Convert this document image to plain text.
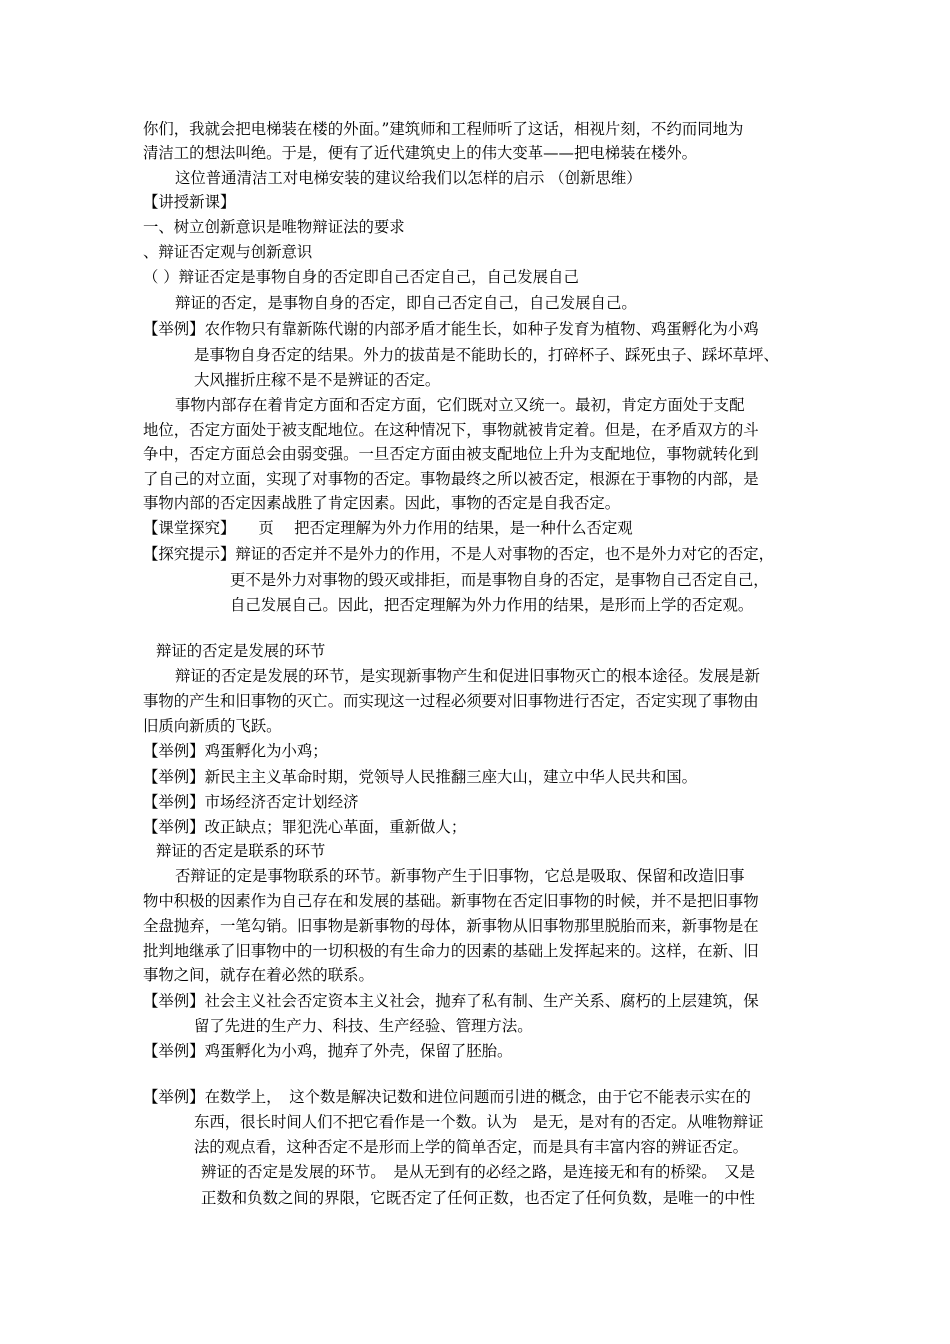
你们，我就会把电梯装在楼的外面。”建筑师和工程师听了这话，相视片刻，不约而同地为
清洁工的想法叫绝。于是，便有了近代建筑史上的伟大变革——把电梯装在楼外。
这位普通清洁工对电梯安装的建议给我们以怎样的启示 （创新思维）
【讲授新课】
一、树立创新意识是唯物辩证法的要求
、辩证否定观与创新意识
（ ）辩证否定是事物自身的否定即自己否定自己，自己发展自己
辩证的否定，是事物自身的否定，即自己否定自己，自己发展自己。
【举例】农作物只有靠新陈代谢的内部矛盾才能生长，如种子发育为植物、鸡蛋孵化为小鸡
是事物自身否定的结果。外力的拔苗是不能助长的，打碎杯子、踩死虫子、踩坏草坪、
大风摧折庄稼不是不是辨证的否定。
事物内部存在着肯定方面和否定方面，它们既对立又统一。最初，肯定方面处于支配
地位，否定方面处于被支配地位。在这种情况下，事物就被肯定着。但是，在矛盾双方的斗
争中，否定方面总会由弱变强。一旦否定方面由被支配地位上升为支配地位，事物就转化到
了自己的对立面，实现了对事物的否定。事物最终之所以被否定，根源在于事物的内部，是
事物内部的否定因素战胜了肯定因素。因此，事物的否定是自我否定。
【课堂探究】　　页　 把否定理解为外力作用的结果，是一种什么否定观
【探究提示】辩证的否定并不是外力的作用，不是人对事物的否定，也不是外力对它的否定，
更不是外力对事物的毁灭或排拒，而是事物自身的否定，是事物自己否定自己，
自己发展自己。因此，把否定理解为外力作用的结果，是形而上学的否定观。
辩证的否定是发展的环节
辩证的否定是发展的环节，是实现新事物产生和促进旧事物灭亡的根本途径。发展是新
事物的产生和旧事物的灭亡。而实现这一过程必须要对旧事物进行否定，否定实现了事物由
旧质向新质的飞跃。
【举例】鸡蛋孵化为小鸡；
【举例】新民主主义革命时期，党领导人民推翻三座大山，建立中华人民共和国。
【举例】市场经济否定计划经济
【举例】改正缺点；罪犯洗心革面，重新做人；
辩证的否定是联系的环节
否辩证的定是事物联系的环节。新事物产生于旧事物，它总是吸取、保留和改造旧事
物中积极的因素作为自己存在和发展的基础。新事物在否定旧事物的时候，并不是把旧事物
全盘抛弃，一笔勾销。旧事物是新事物的母体，新事物从旧事物那里脱胎而来，新事物是在
批判地继承了旧事物中的一切积极的有生命力的因素的基础上发挥起来的。这样，在新、旧
事物之间，就存在着必然的联系。
【举例】社会主义社会否定资本主义社会，抛弃了私有制、生产关系、腐朽的上层建筑，保
留了先进的生产力、科技、生产经验、管理方法。
【举例】鸡蛋孵化为小鸡，抛弃了外壳，保留了胚胎。
【举例】在数学上，　这个数是解决记数和进位问题而引进的概念，由于它不能表示实在的
东西，很长时间人们不把它看作是一个数。认为　是无，是对有的否定。从唯物辩证
法的观点看，这种否定不是形而上学的简单否定，而是具有丰富内容的辨证否定。
辨证的否定是发展的环节。　是从无到有的必经之路，是连接无和有的桥梁。　又是
正数和负数之间的界限，它既否定了任何正数，也否定了任何负数，是唯一的中性
